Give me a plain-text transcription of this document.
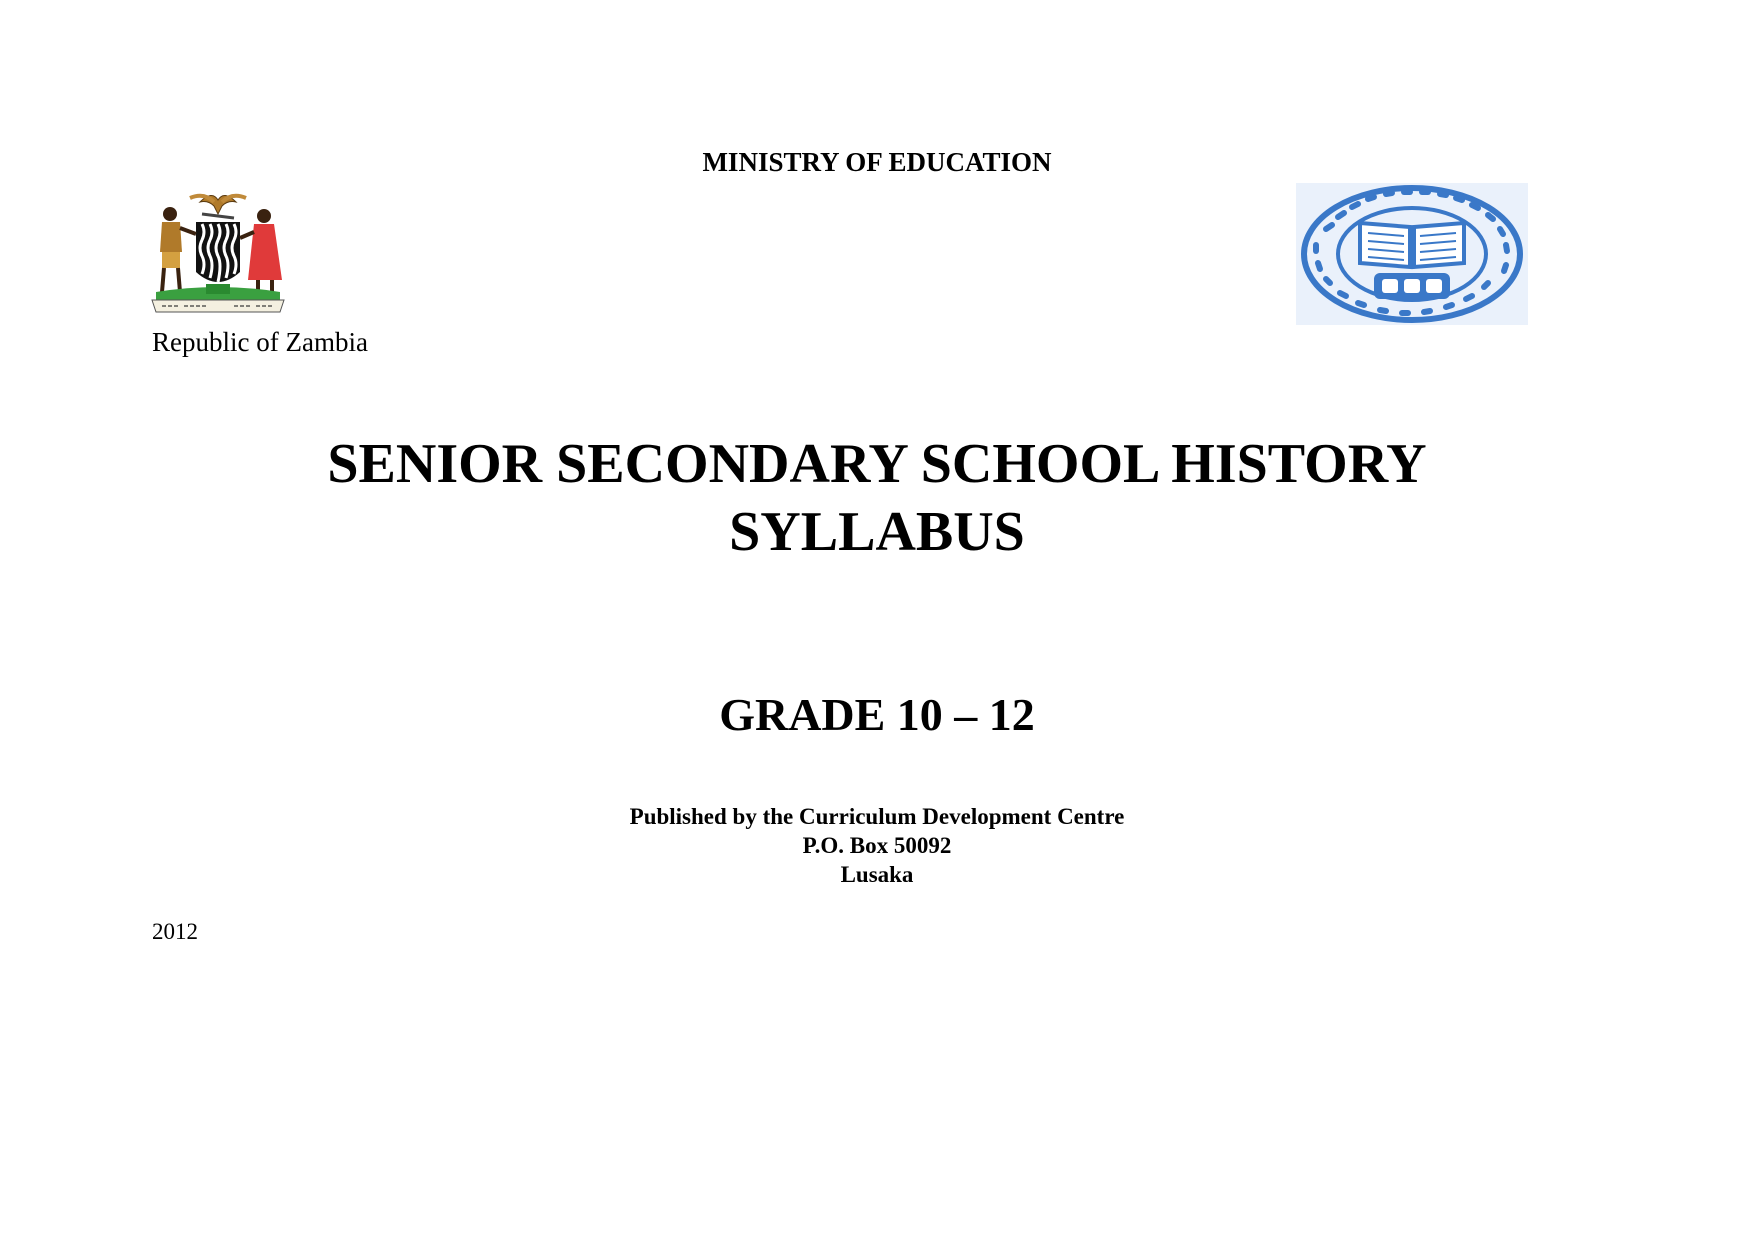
MINISTRY OF EDUCATION
Republic of Zambia
SENIOR SECONDARY SCHOOL HISTORY
SYLLABUS
GRADE 10 – 12
Published by the Curriculum Development Centre
P.O. Box 50092
Lusaka
2012
